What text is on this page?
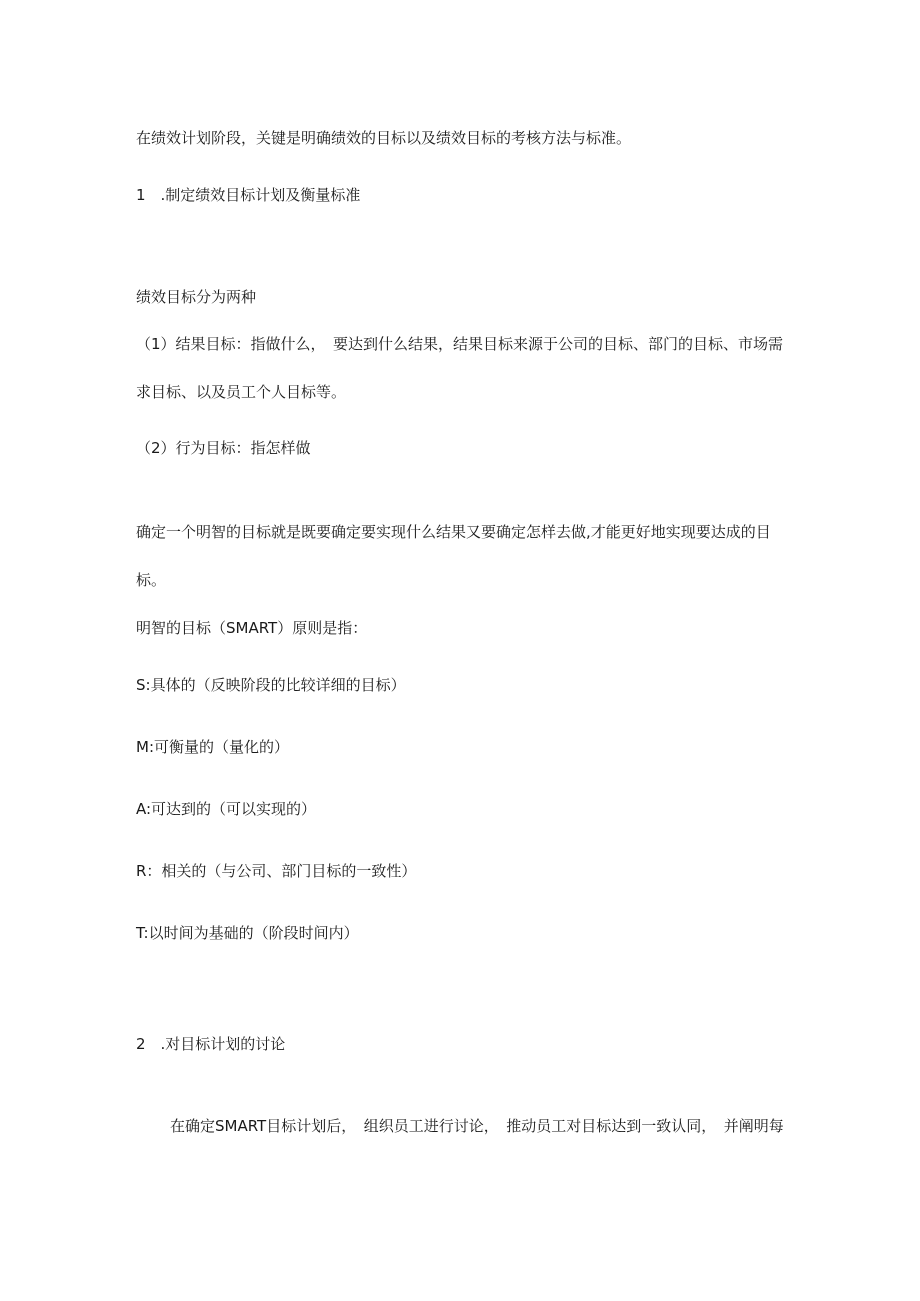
在绩效计划阶段，关键是明确绩效的目标以及绩效目标的考核方法与标准。
1　.制定绩效目标计划及衡量标准
绩效目标分为两种
（1）结果目标：指做什么，　要达到什么结果，结果目标来源于公司的目标、部门的目标、市场需
求目标、以及员工个人目标等。
（2）行为目标：指怎样做
确定一个明智的目标就是既要确定要实现什么结果又要确定怎样去做,才能更好地实现要达成的目
标。
明智的目标（SMART）原则是指：
S:具体的（反映阶段的比较详细的目标）
M:可衡量的（量化的）
A:可达到的（可以实现的）
R：相关的（与公司、部门目标的一致性）
T:以时间为基础的（阶段时间内）
2　.对目标计划的讨论
在确定SMART目标计划后，　组织员工进行讨论，　推动员工对目标达到一致认同，　并阐明每
